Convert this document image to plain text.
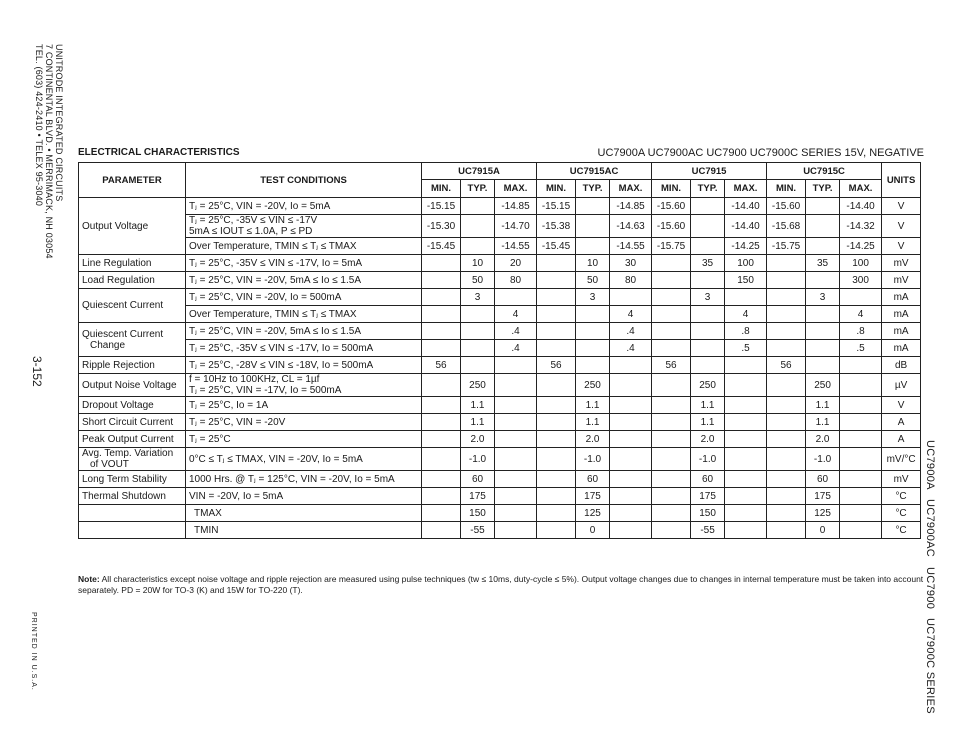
UNITRODE INTEGRATED CIRCUITS
7 CONTINENTAL BLVD. • MERRIMACK, NH 03054
TEL. (603) 424-2410 • TELEX 95-3040
3-152
PRINTED IN U.S.A.
UC7900A UC7900AC UC7900 UC7900C SERIES
ELECTRICAL CHARACTERISTICS	UC7900A UC7900AC UC7900 UC7900C SERIES 15V, NEGATIVE
PARAMETER	TEST CONDITIONS	UC7915A			UC7915AC			UC7915			UC7915C			UNITS
		MIN.	TYP.	MAX.	MIN.	TYP.	MAX.	MIN.	TYP.	MAX.	MIN.	TYP.	MAX.	
Output Voltage	Tⱼ = 25°C, VIN = -20V, Io = 5mA	-15.15		-14.85	-15.15		-14.85	-15.60		-14.40	-15.60		-14.40	V
	Tⱼ = 25°C, -35V ≤ VIN ≤ -17V
5mA ≤ IOUT ≤ 1.0A, P ≤ PD	-15.30		-14.70	-15.38		-14.63	-15.60		-14.40	-15.68		-14.32	V
	Over Temperature, TMIN ≤ Tⱼ ≤ TMAX	-15.45		-14.55	-15.45		-14.55	-15.75		-14.25	-15.75		-14.25	V
Line Regulation	Tⱼ = 25°C, -35V ≤ VIN ≤ -17V, Io = 5mA		10	20		10	30		35	100		35	100	mV
Load Regulation	Tⱼ = 25°C, VIN = -20V, 5mA ≤ Io ≤ 1.5A		50	80		50	80			150			300	mV
Quiescent Current	Tⱼ = 25°C, VIN = -20V, Io = 500mA		3			3			3			3		mA
	Over Temperature, TMIN ≤ Tⱼ ≤ TMAX			4			4			4			4	mA
Quiescent Current
Change	Tⱼ = 25°C, VIN = -20V, 5mA ≤ Io ≤ 1.5A			.4			.4			.8			.8	mA
	Tⱼ = 25°C, -35V ≤ VIN ≤ -17V, Io = 500mA			.4			.4			.5			.5	mA
Ripple Rejection	Tⱼ = 25°C, -28V ≤ VIN ≤ -18V, Io = 500mA	56			56			56			56			dB
Output Noise Voltage	f = 10Hz to 100KHz, CL = 1µf
Tⱼ = 25°C, VIN = -17V, Io = 500mA		250			250			250			250		µV
Dropout Voltage	Tⱼ = 25°C, Io = 1A		1.1			1.1			1.1			1.1		V
Short Circuit Current	Tⱼ = 25°C, VIN = -20V		1.1			1.1			1.1			1.1		A
Peak Output Current	Tⱼ = 25°C		2.0			2.0			2.0			2.0		A
Avg. Temp. Variation
of VOUT	0°C ≤ Tⱼ ≤ TMAX, VIN = -20V, Io = 5mA		-1.0			-1.0			-1.0			-1.0		mV/°C
Long Term Stability	1000 Hrs. @ Tⱼ = 125°C, VIN = -20V, Io = 5mA		60			60			60			60		mV
Thermal Shutdown	VIN = -20V, Io = 5mA		175			175			175			175		°C
	TMAX		150			125			150			125		°C
	TMIN		-55			0			-55			0		°C
Note: All characteristics except noise voltage and ripple rejection are measured using pulse techniques (tw ≤ 10ms, duty-cycle ≤ 5%). Output voltage changes due to changes in internal temperature must be taken into account separately. PD = 20W for TO-3 (K) and 15W for TO-220 (T).
